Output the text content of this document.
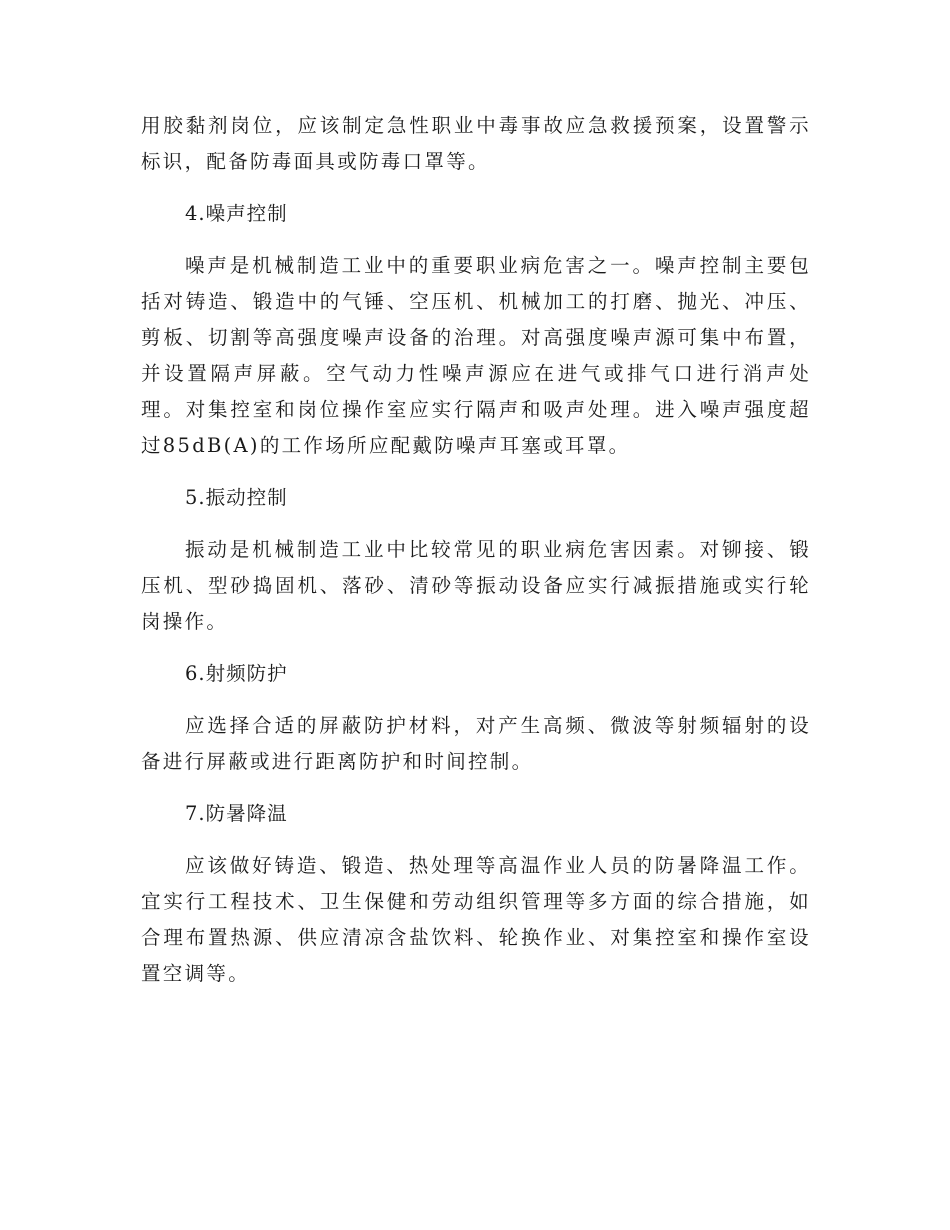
用胶黏剂岗位，应该制定急性职业中毒事故应急救援预案，设置警示标识，配备防毒面具或防毒口罩等。

4.噪声控制

噪声是机械制造工业中的重要职业病危害之一。噪声控制主要包括对铸造、锻造中的气锤、空压机、机械加工的打磨、抛光、冲压、剪板、切割等高强度噪声设备的治理。对高强度噪声源可集中布置，并设置隔声屏蔽。空气动力性噪声源应在进气或排气口进行消声处理。对集控室和岗位操作室应实行隔声和吸声处理。进入噪声强度超过85dB(A)的工作场所应配戴防噪声耳塞或耳罩。

5.振动控制

振动是机械制造工业中比较常见的职业病危害因素。对铆接、锻压机、型砂捣固机、落砂、清砂等振动设备应实行减振措施或实行轮岗操作。

6.射频防护

应选择合适的屏蔽防护材料，对产生高频、微波等射频辐射的设备进行屏蔽或进行距离防护和时间控制。

7.防暑降温

应该做好铸造、锻造、热处理等高温作业人员的防暑降温工作。宜实行工程技术、卫生保健和劳动组织管理等多方面的综合措施，如合理布置热源、供应清凉含盐饮料、轮换作业、对集控室和操作室设置空调等。
